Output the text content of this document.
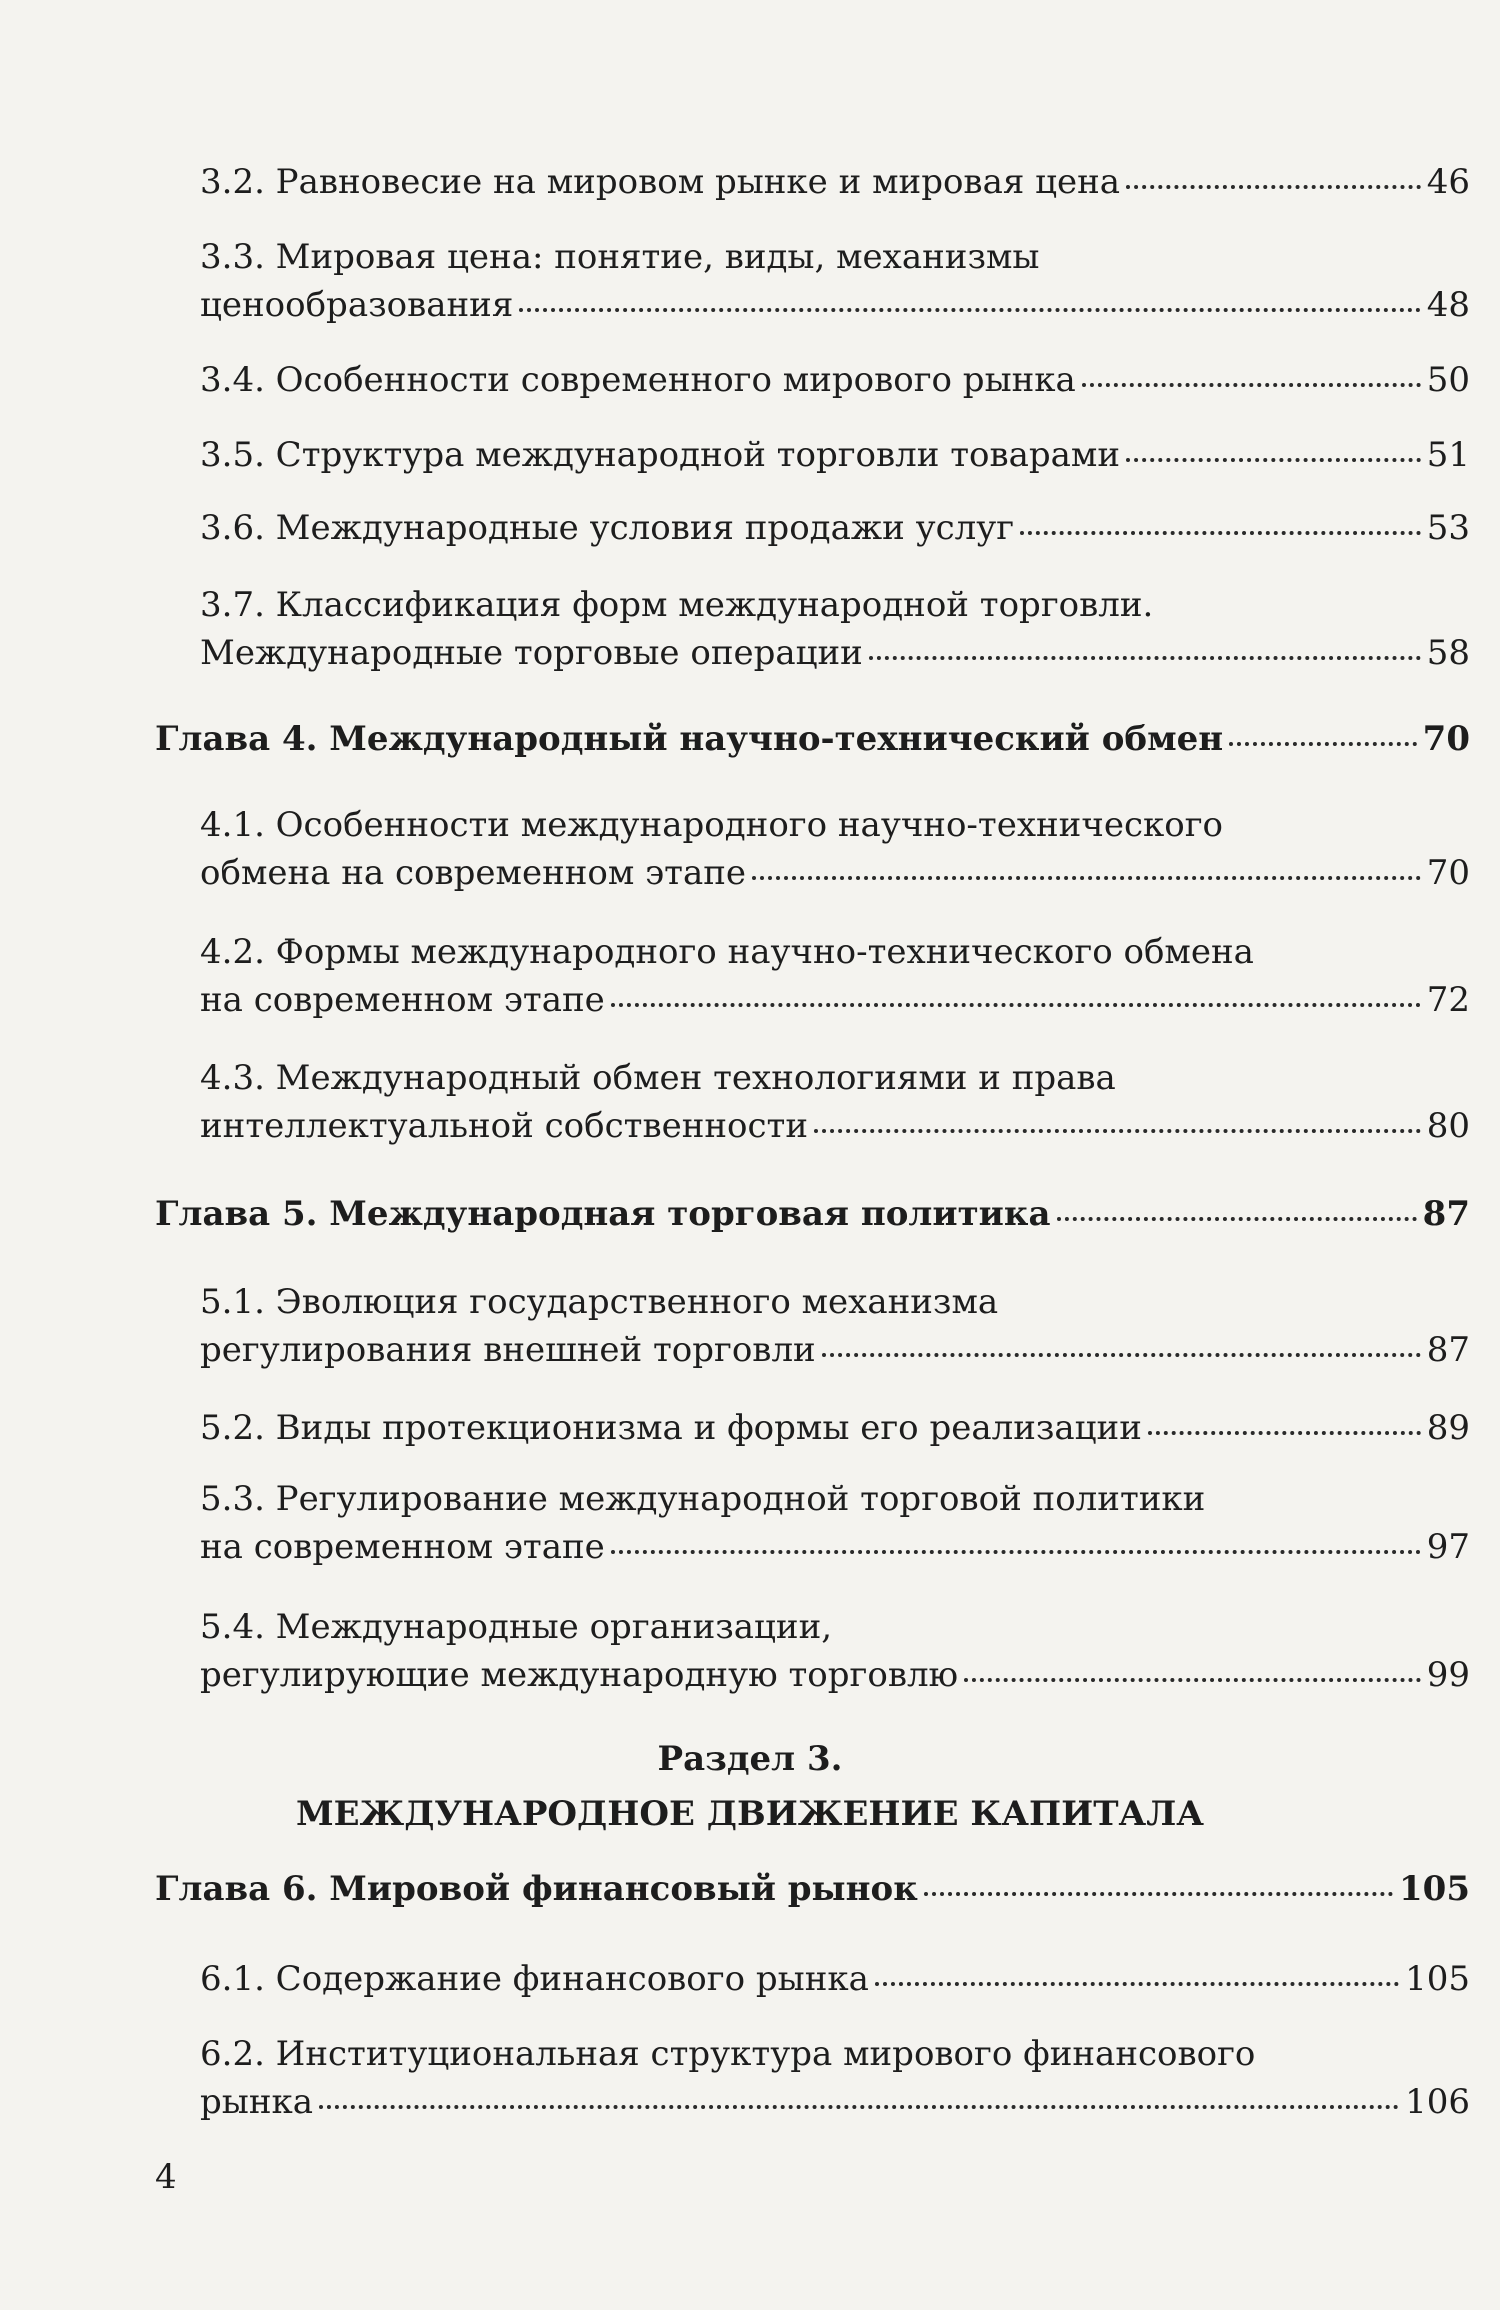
3.2. Равновесие на мировом рынке и мировая цена	46
3.3. Мировая цена: понятие, виды, механизмы
ценообразования	48
3.4. Особенности современного мирового рынка	50
3.5. Структура международной торговли товарами	51
3.6. Международные условия продажи услуг	53
3.7. Классификация форм международной торговли.
Международные торговые операции	58
Глава 4. Международный научно-технический обмен	70
4.1. Особенности международного научно-технического
обмена на современном этапе	70
4.2. Формы международного научно-технического обмена
на современном этапе	72
4.3. Международный обмен технологиями и права
интеллектуальной собственности	80
Глава 5. Международная торговая политика	87
5.1. Эволюция государственного механизма
регулирования внешней торговли	87
5.2. Виды протекционизма и формы его реализации	89
5.3. Регулирование международной торговой политики
на современном этапе	97
5.4. Международные организации,
регулирующие международную торговлю	99
Раздел 3.
МЕЖДУНАРОДНОЕ ДВИЖЕНИЕ КАПИТАЛА
Глава 6. Мировой финансовый рынок	105
6.1. Содержание финансового рынка	105
6.2. Институциональная структура мирового финансового
рынка	106
4
